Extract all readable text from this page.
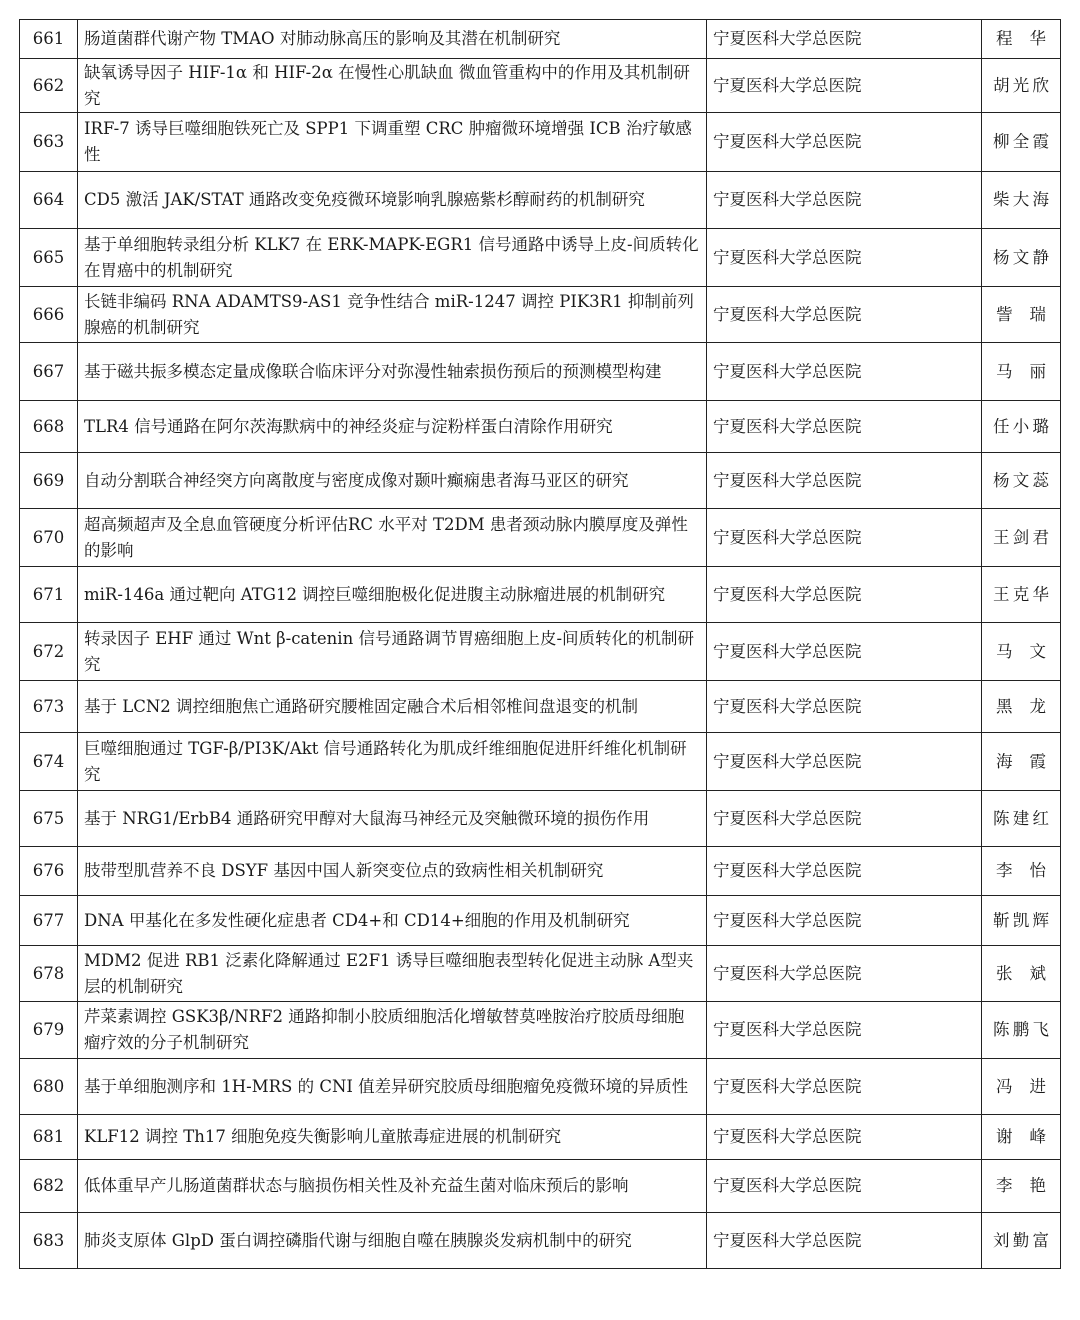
661	肠道菌群代谢产物 TMAO 对肺动脉高压的影响及其潜在机制研究	宁夏医科大学总医院	程华
662	缺氧诱导因子 HIF-1α 和 HIF-2α 在慢性心肌缺血 微血管重构中的作用及其机制研究	宁夏医科大学总医院	胡光欣
663	IRF-7 诱导巨噬细胞铁死亡及 SPP1 下调重塑 CRC 肿瘤微环境增强 ICB 治疗敏感性	宁夏医科大学总医院	柳全霞
664	CD5 激活 JAK/STAT 通路改变免疫微环境影响乳腺癌紫杉醇耐药的机制研究	宁夏医科大学总医院	柴大海
665	基于单细胞转录组分析 KLK7 在 ERK-MAPK-EGR1 信号通路中诱导上皮-间质转化在胃癌中的机制研究	宁夏医科大学总医院	杨文静
666	长链非编码 RNA ADAMTS9-AS1 竞争性结合 miR-1247 调控 PIK3R1 抑制前列腺癌的机制研究	宁夏医科大学总医院	訾瑞
667	基于磁共振多模态定量成像联合临床评分对弥漫性轴索损伤预后的预测模型构建	宁夏医科大学总医院	马丽
668	TLR4 信号通路在阿尔茨海默病中的神经炎症与淀粉样蛋白清除作用研究	宁夏医科大学总医院	任小璐
669	自动分割联合神经突方向离散度与密度成像对颞叶癫痫患者海马亚区的研究	宁夏医科大学总医院	杨文蕊
670	超高频超声及全息血管硬度分析评估RC 水平对 T2DM 患者颈动脉内膜厚度及弹性的影响	宁夏医科大学总医院	王剑君
671	miR-146a 通过靶向 ATG12 调控巨噬细胞极化促进腹主动脉瘤进展的机制研究	宁夏医科大学总医院	王克华
672	转录因子 EHF 通过 Wnt β-catenin 信号通路调节胃癌细胞上皮-间质转化的机制研究	宁夏医科大学总医院	马文
673	基于 LCN2 调控细胞焦亡通路研究腰椎固定融合术后相邻椎间盘退变的机制	宁夏医科大学总医院	黑龙
674	巨噬细胞通过 TGF-β/PI3K/Akt 信号通路转化为肌成纤维细胞促进肝纤维化机制研究	宁夏医科大学总医院	海霞
675	基于 NRG1/ErbB4 通路研究甲醇对大鼠海马神经元及突触微环境的损伤作用	宁夏医科大学总医院	陈建红
676	肢带型肌营养不良 DSYF 基因中国人新突变位点的致病性相关机制研究	宁夏医科大学总医院	李怡
677	DNA 甲基化在多发性硬化症患者 CD4+和 CD14+细胞的作用及机制研究	宁夏医科大学总医院	靳凯辉
678	MDM2 促进 RB1 泛素化降解通过 E2F1 诱导巨噬细胞表型转化促进主动脉 A型夹层的机制研究	宁夏医科大学总医院	张斌
679	芹菜素调控 GSK3β/NRF2 通路抑制小胶质细胞活化增敏替莫唑胺治疗胶质母细胞瘤疗效的分子机制研究	宁夏医科大学总医院	陈鹏飞
680	基于单细胞测序和 1H-MRS 的 CNI 值差异研究胶质母细胞瘤免疫微环境的异质性	宁夏医科大学总医院	冯进
681	KLF12 调控 Th17 细胞免疫失衡影响儿童脓毒症进展的机制研究	宁夏医科大学总医院	谢峰
682	低体重早产儿肠道菌群状态与脑损伤相关性及补充益生菌对临床预后的影响	宁夏医科大学总医院	李艳
683	肺炎支原体 GlpD 蛋白调控磷脂代谢与细胞自噬在胰腺炎发病机制中的研究	宁夏医科大学总医院	刘勤富
